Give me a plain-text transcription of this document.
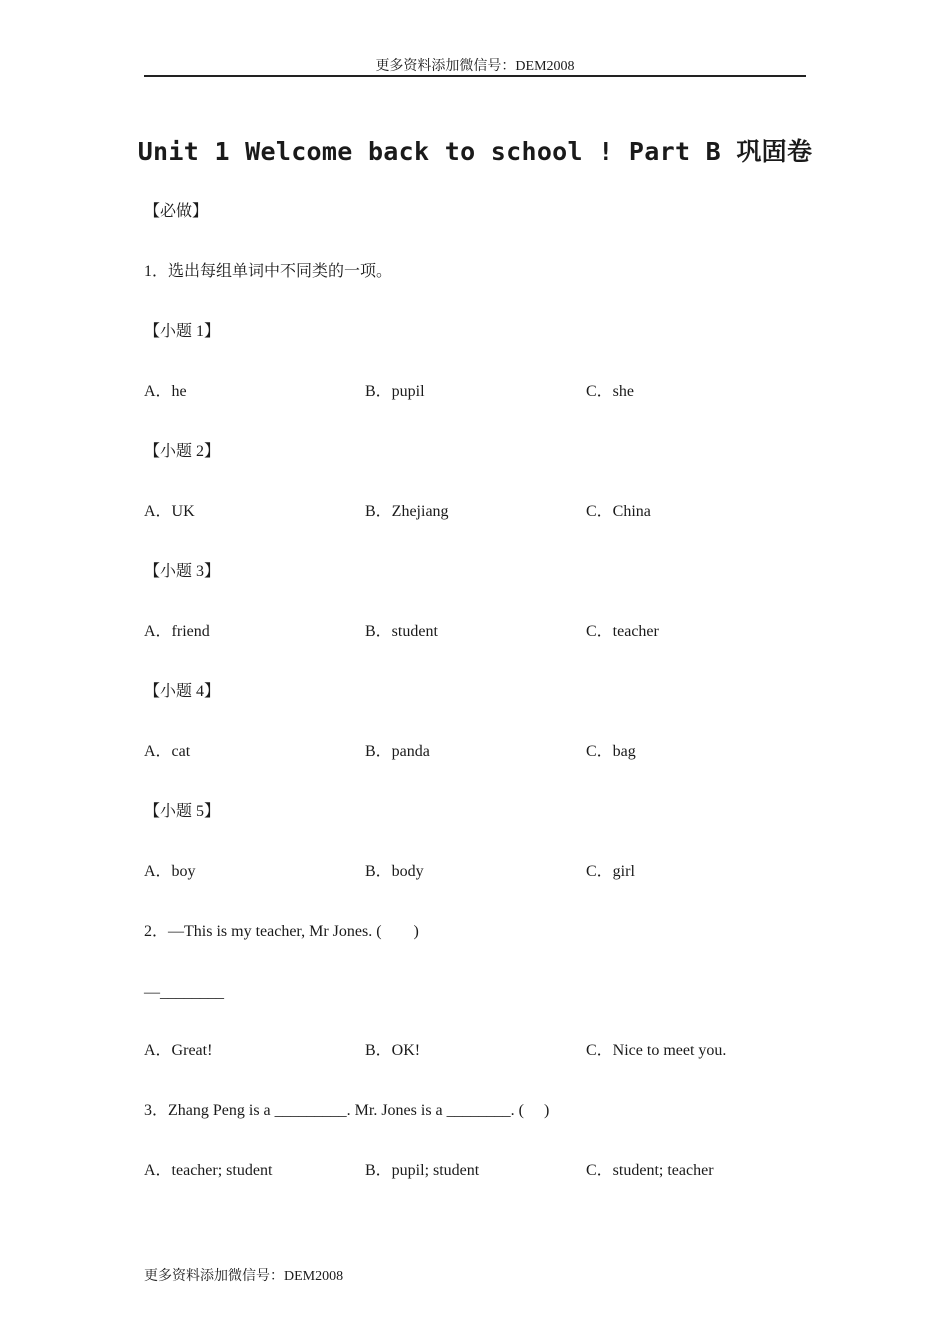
更多资料添加微信号：DEM2008
Unit 1 Welcome back to school ! Part B 巩固卷
【必做】
1．选出每组单词中不同类的一项。
【小题 1】
A．he	B．pupil	C．she
【小题 2】
A．UK	B．Zhejiang	C．China
【小题 3】
A．friend	B．student	C．teacher
【小题 4】
A．cat	B．panda	C．bag
【小题 5】
A．boy	B．body	C．girl
2．—This is my teacher, Mr Jones. (　　)
—________
A．Great!	B．OK!	C．Nice to meet you.
3．Zhang Peng is a _________. Mr. Jones is a ________. (　 )
A．teacher; student	B．pupil; student	C．student; teacher
更多资料添加微信号：DEM2008
